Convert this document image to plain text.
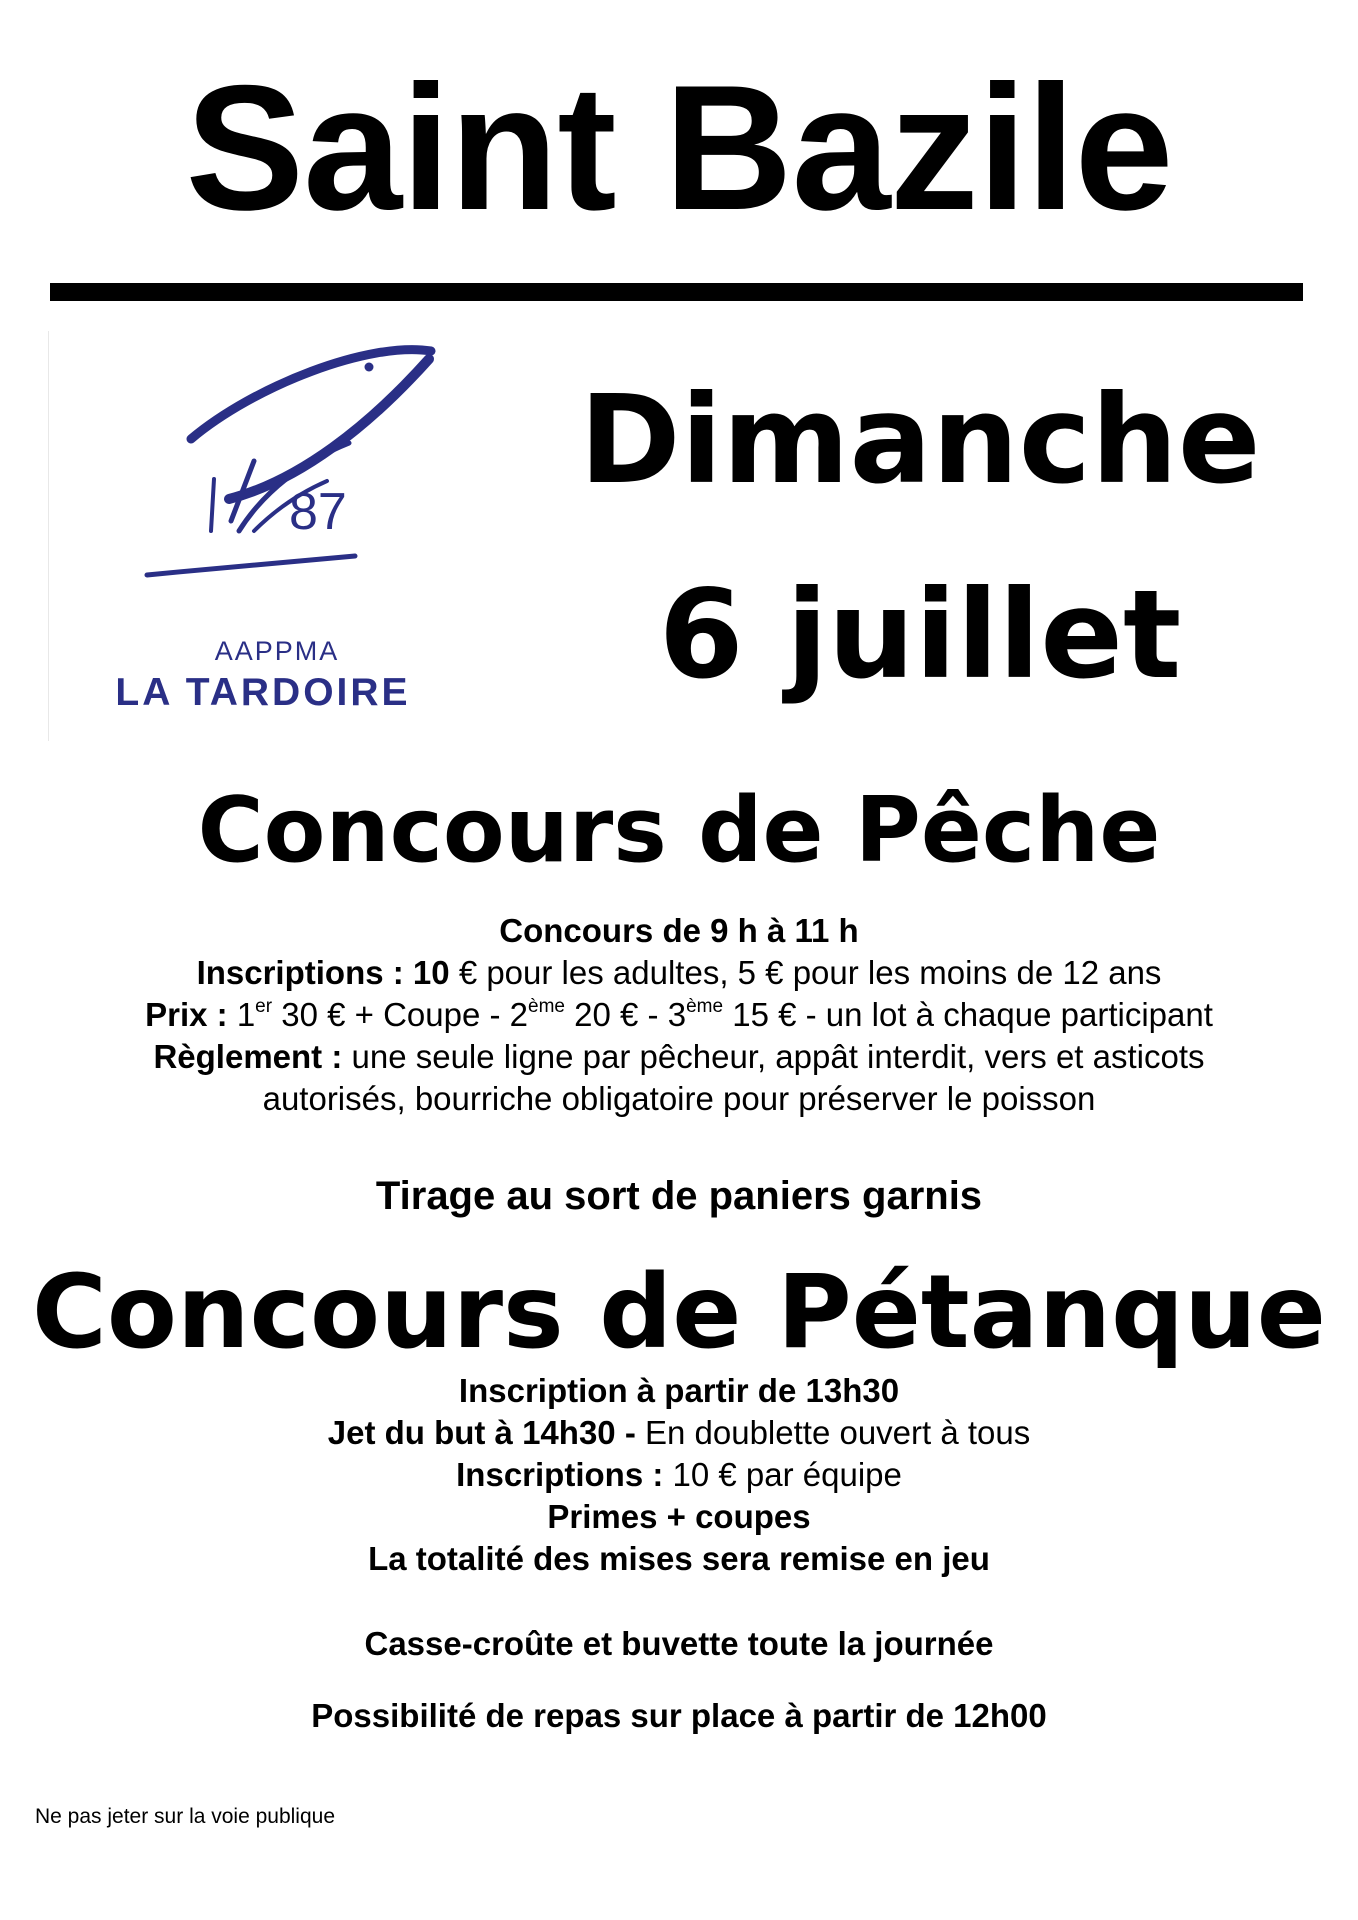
Saint Bazile
87
AAPPMA
LA TARDOIRE
Dimanche
6 juillet
Concours de Pêche
Concours de 9 h à 11 h
Inscriptions : 10 € pour les adultes, 5 € pour les moins de 12 ans
Prix : 1er 30 € + Coupe - 2ème 20 € - 3ème 15 € - un lot à chaque participant
Règlement : une seule ligne par pêcheur, appât interdit, vers et asticots
autorisés, bourriche obligatoire pour préserver le poisson
Tirage au sort de paniers garnis
Concours de Pétanque
Inscription à partir de 13h30
Jet du but à 14h30 - En doublette ouvert à tous
Inscriptions : 10 € par équipe
Primes + coupes
La totalité des mises sera remise en jeu
Casse-croûte et buvette toute la journée
Possibilité de repas sur place à partir de 12h00
Ne pas jeter sur la voie publique
